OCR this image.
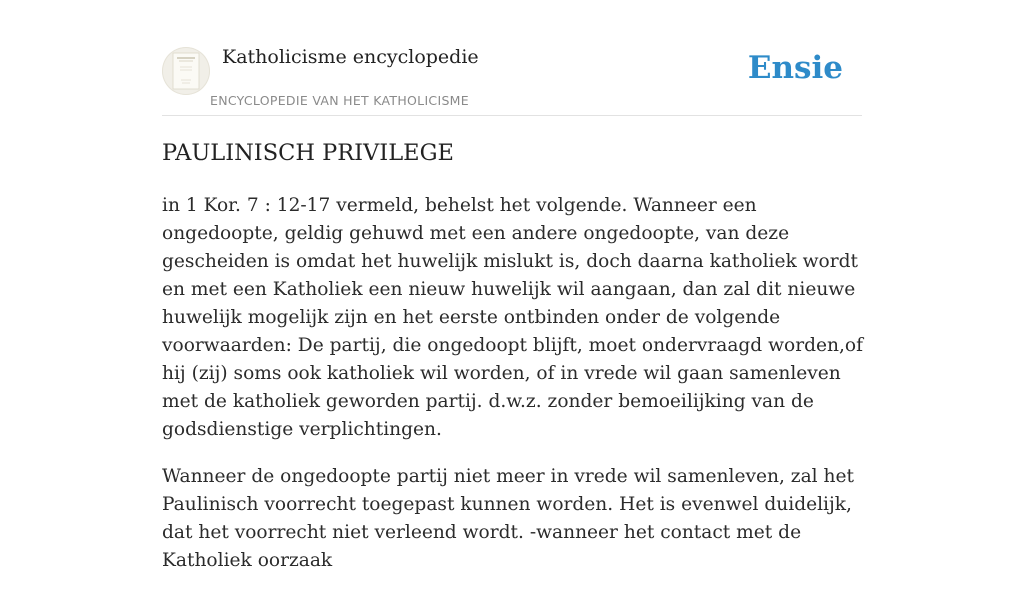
Katholicisme encyclopedie
ENCYCLOPEDIE VAN HET KATHOLICISME
Ensie
PAULINISCH PRIVILEGE

in 1 Kor. 7 : 12-17 vermeld, behelst het volgende. Wanneer een ongedoopte, geldig gehuwd met een andere ongedoopte, van deze gescheiden is omdat het huwelijk mislukt is, doch daarna katholiek wordt en met een Katholiek een nieuw huwelijk wil aangaan, dan zal dit nieuwe huwelijk mogelijk zijn en het eerste ontbinden onder de volgende voorwaarden: De partij, die ongedoopt blijft, moet ondervraagd worden,of hij (zij) soms ook katholiek wil worden, of in vrede wil gaan samenleven met de katholiek geworden partij. d.w.z. zonder bemoeilijking van de godsdienstige verplichtingen.

Wanneer de ongedoopte partij niet meer in vrede wil samenleven, zal het Paulinisch voorrecht toegepast kunnen worden. Het is evenwel duidelijk, dat het voorrecht niet verleend wordt. -wanneer het contact met de Katholiek oorzaak
